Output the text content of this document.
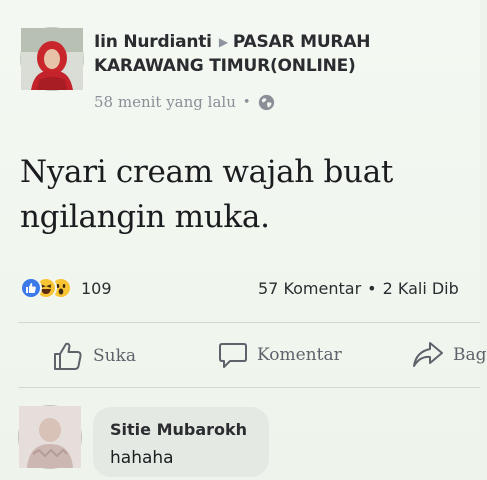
Iin Nurdianti ▶ PASAR MURAH KARAWANG TIMUR(ONLINE)
58 menit yang lalu •
Nyari cream wajah buat
ngilangin muka.
109	57 Komentar • 2 Kali Dib
Suka	Komentar	Bag
Sitie Mubarokh
hahaha
